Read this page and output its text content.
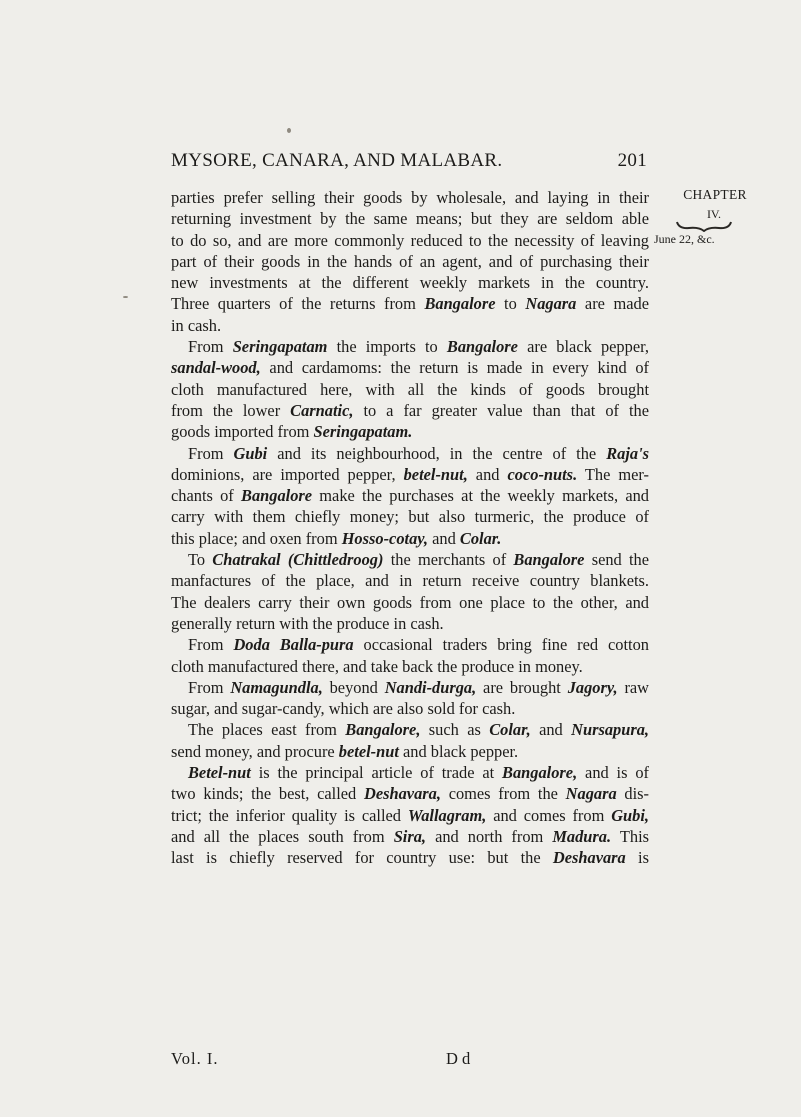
MYSORE, CANARA, AND MALABAR.	201
CHAPTER
IV.
June 22, &c.

parties prefer selling their goods by wholesale, and laying in their

returning investment by the same means; but they are seldom able

to do so, and are more commonly reduced to the necessity of leaving

part of their goods in the hands of an agent, and of purchasing their

new investments at the different weekly markets in the country.

Three quarters of the returns from Bangalore to Nagara are made

in cash.

From Seringapatam the imports to Bangalore are black pepper,

sandal-wood, and cardamoms: the return is made in every kind of

cloth manufactured here, with all the kinds of goods brought

from the lower Carnatic, to a far greater value than that of the

goods imported from Seringapatam.

From Gubi and its neighbourhood, in the centre of the Raja's

dominions, are imported pepper, betel-nut, and coco-nuts. The mer-

chants of Bangalore make the purchases at the weekly markets, and

carry with them chiefly money; but also turmeric, the produce of

this place; and oxen from Hosso-cotay, and Colar.

To Chatrakal (Chittledroog) the merchants of Bangalore send the

manfactures of the place, and in return receive country blankets.

The dealers carry their own goods from one place to the other, and

generally return with the produce in cash.

From Doda Balla-pura occasional traders bring fine red cotton

cloth manufactured there, and take back the produce in money.

From Namagundla, beyond Nandi-durga, are brought Jagory, raw

sugar, and sugar-candy, which are also sold for cash.

The places east from Bangalore, such as Colar, and Nursapura,

send money, and procure betel-nut and black pepper.

Betel-nut is the principal article of trade at Bangalore, and is of

two kinds; the best, called Deshavara, comes from the Nagara dis-

trict; the inferior quality is called Wallagram, and comes from Gubi,

and all the places south from Sira, and north from Madura. This

last is chiefly reserved for country use: but the Deshavara is

Vol. I.	D d
